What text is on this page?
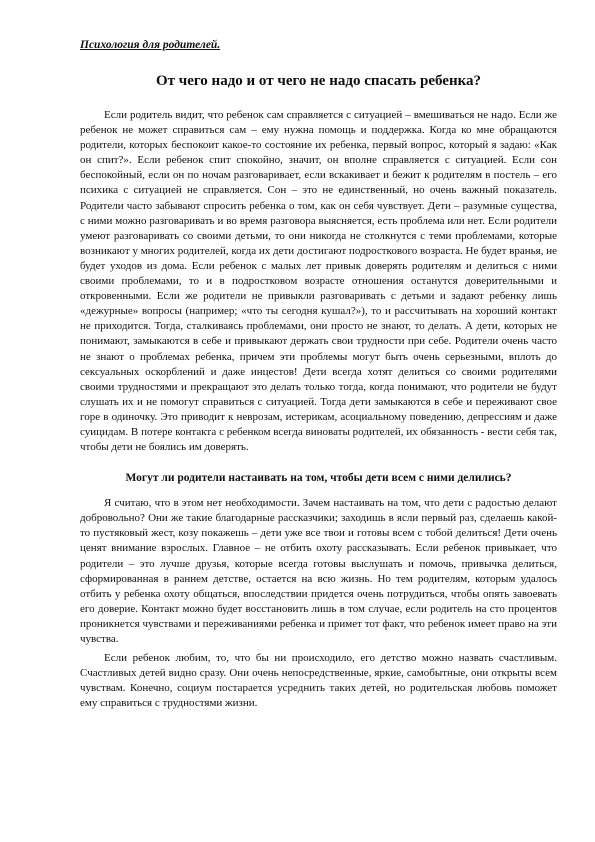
Психология для родителей.
От чего надо и от чего не надо спасать ребенка?

Если родитель видит, что ребенок сам справляется с ситуацией – вмешиваться не надо. Если же ребенок не может справиться сам – ему нужна помощь и поддержка. Когда ко мне обращаются родители, которых беспокоит какое-то состояние их ребенка, первый вопрос, который я задаю: «Как он спит?». Если ребенок спит спокойно, значит, он вполне справляется с ситуацией. Если сон беспокойный, если он по ночам разговаривает, если вскакивает и бежит к родителям в постель – его психика с ситуацией не справляется. Сон – это не единственный, но очень важный показатель. Родители часто забывают спросить ребенка о том, как он себя чувствует. Дети – разумные существа, с ними можно разговаривать и во время разговора выясняется, есть проблема или нет. Если родители умеют разговаривать со своими детьми, то они никогда не столкнутся с теми проблемами, которые возникают у многих родителей, когда их дети достигают подросткового возраста. Не будет вранья, не будет уходов из дома. Если ребенок с малых лет привык доверять родителям и делиться с ними своими проблемами, то и в подростковом возрасте отношения останутся доверительными и откровенными. Если же родители не привыкли разговаривать с детьми и задают ребенку лишь «дежурные» вопросы (например; «что ты сегодня кушал?»), то и рассчитывать на хороший контакт не приходится. Тогда, сталкиваясь проблемами, они просто не знают, то делать. А дети, которых не понимают, замыкаются в себе и привыкают держать свои трудности при себе. Родители очень часто не знают о проблемах ребенка, причем эти проблемы могут быть очень серьезными, вплоть до сексуальных оскорблений и даже инцестов! Дети всегда хотят делиться со своими родителями своими трудностями и прекращают это делать только тогда, когда понимают, что родители не будут слушать их и не помогут справиться с ситуацией. Тогда дети замыкаются в себе и переживают свое горе в одиночку. Это приводит к неврозам, истерикам, асоциальному поведению, депрессиям и даже суицидам. В потере контакта с ребенком всегда виноваты родителей, их обязанность - вести себя так, чтобы дети не боялись им доверять.

Могут ли родители настаивать на том, чтобы дети всем с ними делились?

Я считаю, что в этом нет необходимости. Зачем настаивать на том, что дети с радостью делают добровольно? Они же такие благодарные рассказчики; заходишь в ясли первый раз, сделаешь какой-то пустяковый жест, козу покажешь – дети уже все твои и готовы всем с тобой делиться! Дети очень ценят внимание взрослых. Главное – не отбить охоту рассказывать. Если ребенок привыкает, что родители – это лучше друзья, которые всегда готовы выслушать и помочь, привычка делиться, сформированная в раннем детстве, остается на всю жизнь. Но тем родителям, которым удалось отбить у ребенка охоту общаться, впоследствии придется очень потрудиться, чтобы опять завоевать его доверие. Контакт можно будет восстановить лишь в том случае, если родитель на сто процентов проникнется чувствами и переживаниями ребенка и примет тот факт, что ребенок имеет право на эти чувства.

Если ребенок любим, то, что бы ни происходило, его детство можно назвать счастливым. Счастливых детей видно сразу. Они очень непосредственные, яркие, самобытные, они открыты всем чувствам. Конечно, социум постарается усреднить таких детей, но родительская любовь поможет ему справиться с трудностями жизни.
